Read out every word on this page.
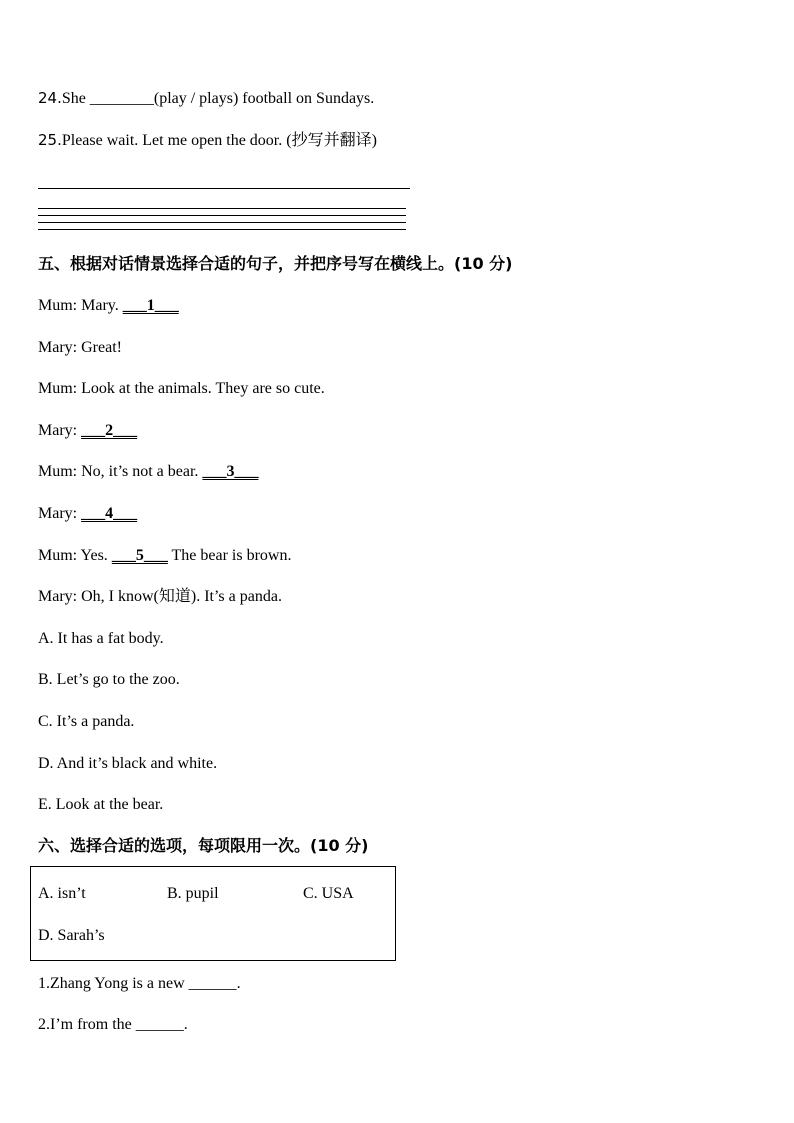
24.She ________(play / plays) football on Sundays.
25.Please wait. Let me open the door. (抄写并翻译)
五、根据对话情景选择合适的句子，并把序号写在横线上。(10 分)
Mum: Mary. ___1___
Mary: Great!
Mum: Look at the animals. They are so cute.
Mary: ___2___
Mum: No, it’s not a bear. ___3___
Mary: ___4___
Mum: Yes. ___5___ The bear is brown.
Mary: Oh, I know(知道). It’s a panda.
A. It has a fat body.
B. Let’s go to the zoo.
C. It’s a panda.
D. And it’s black and white.
E. Look at the bear.
六、选择合适的选项，每项限用一次。(10 分)
A. isn’t	B. pupil	C. USA
D. Sarah’s
1.Zhang Yong is a new ______.
2.I’m from the ______.
